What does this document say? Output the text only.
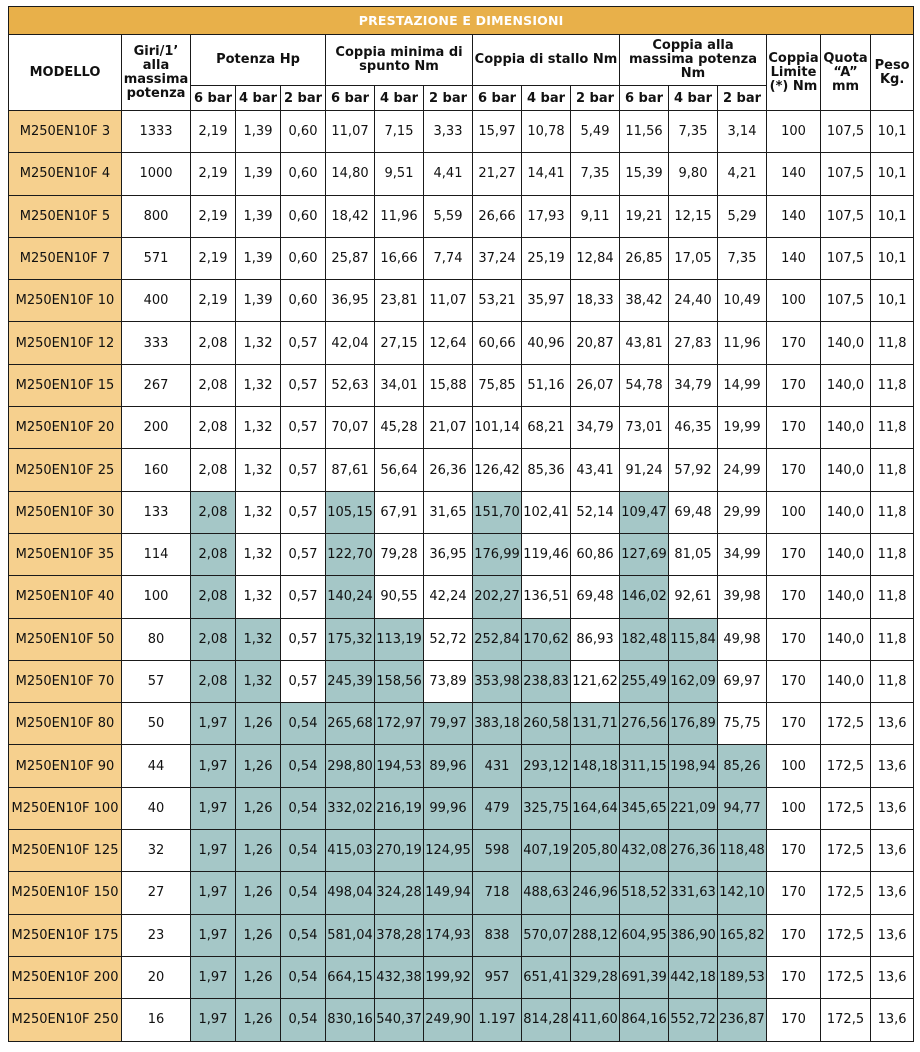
PRESTAZIONE E DIMENSIONI																
MODELLO	Giri/1’ alla massima potenza	Potenza Hp			Coppia minima di spunto Nm			Coppia di stallo Nm			Coppia alla massima potenza Nm			Coppia Limite (*) Nm	Quota “A” mm	Peso Kg.
		6 bar	4 bar	2 bar	6 bar	4 bar	2 bar	6 bar	4 bar	2 bar	6 bar	4 bar	2 bar			
M250EN10F 3	1333	2,19	1,39	0,60	11,07	7,15	3,33	15,97	10,78	5,49	11,56	7,35	3,14	100	107,5	10,1
M250EN10F 4	1000	2,19	1,39	0,60	14,80	9,51	4,41	21,27	14,41	7,35	15,39	9,80	4,21	140	107,5	10,1
M250EN10F 5	800	2,19	1,39	0,60	18,42	11,96	5,59	26,66	17,93	9,11	19,21	12,15	5,29	140	107,5	10,1
M250EN10F 7	571	2,19	1,39	0,60	25,87	16,66	7,74	37,24	25,19	12,84	26,85	17,05	7,35	140	107,5	10,1
M250EN10F 10	400	2,19	1,39	0,60	36,95	23,81	11,07	53,21	35,97	18,33	38,42	24,40	10,49	100	107,5	10,1
M250EN10F 12	333	2,08	1,32	0,57	42,04	27,15	12,64	60,66	40,96	20,87	43,81	27,83	11,96	170	140,0	11,8
M250EN10F 15	267	2,08	1,32	0,57	52,63	34,01	15,88	75,85	51,16	26,07	54,78	34,79	14,99	170	140,0	11,8
M250EN10F 20	200	2,08	1,32	0,57	70,07	45,28	21,07	101,14	68,21	34,79	73,01	46,35	19,99	170	140,0	11,8
M250EN10F 25	160	2,08	1,32	0,57	87,61	56,64	26,36	126,42	85,36	43,41	91,24	57,92	24,99	170	140,0	11,8
M250EN10F 30	133	2,08	1,32	0,57	105,15	67,91	31,65	151,70	102,41	52,14	109,47	69,48	29,99	100	140,0	11,8
M250EN10F 35	114	2,08	1,32	0,57	122,70	79,28	36,95	176,99	119,46	60,86	127,69	81,05	34,99	170	140,0	11,8
M250EN10F 40	100	2,08	1,32	0,57	140,24	90,55	42,24	202,27	136,51	69,48	146,02	92,61	39,98	170	140,0	11,8
M250EN10F 50	80	2,08	1,32	0,57	175,32	113,19	52,72	252,84	170,62	86,93	182,48	115,84	49,98	170	140,0	11,8
M250EN10F 70	57	2,08	1,32	0,57	245,39	158,56	73,89	353,98	238,83	121,62	255,49	162,09	69,97	170	140,0	11,8
M250EN10F 80	50	1,97	1,26	0,54	265,68	172,97	79,97	383,18	260,58	131,71	276,56	176,89	75,75	170	172,5	13,6
M250EN10F 90	44	1,97	1,26	0,54	298,80	194,53	89,96	431	293,12	148,18	311,15	198,94	85,26	100	172,5	13,6
M250EN10F 100	40	1,97	1,26	0,54	332,02	216,19	99,96	479	325,75	164,64	345,65	221,09	94,77	100	172,5	13,6
M250EN10F 125	32	1,97	1,26	0,54	415,03	270,19	124,95	598	407,19	205,80	432,08	276,36	118,48	170	172,5	13,6
M250EN10F 150	27	1,97	1,26	0,54	498,04	324,28	149,94	718	488,63	246,96	518,52	331,63	142,10	170	172,5	13,6
M250EN10F 175	23	1,97	1,26	0,54	581,04	378,28	174,93	838	570,07	288,12	604,95	386,90	165,82	170	172,5	13,6
M250EN10F 200	20	1,97	1,26	0,54	664,15	432,38	199,92	957	651,41	329,28	691,39	442,18	189,53	170	172,5	13,6
M250EN10F 250	16	1,97	1,26	0,54	830,16	540,37	249,90	1.197	814,28	411,60	864,16	552,72	236,87	170	172,5	13,6
